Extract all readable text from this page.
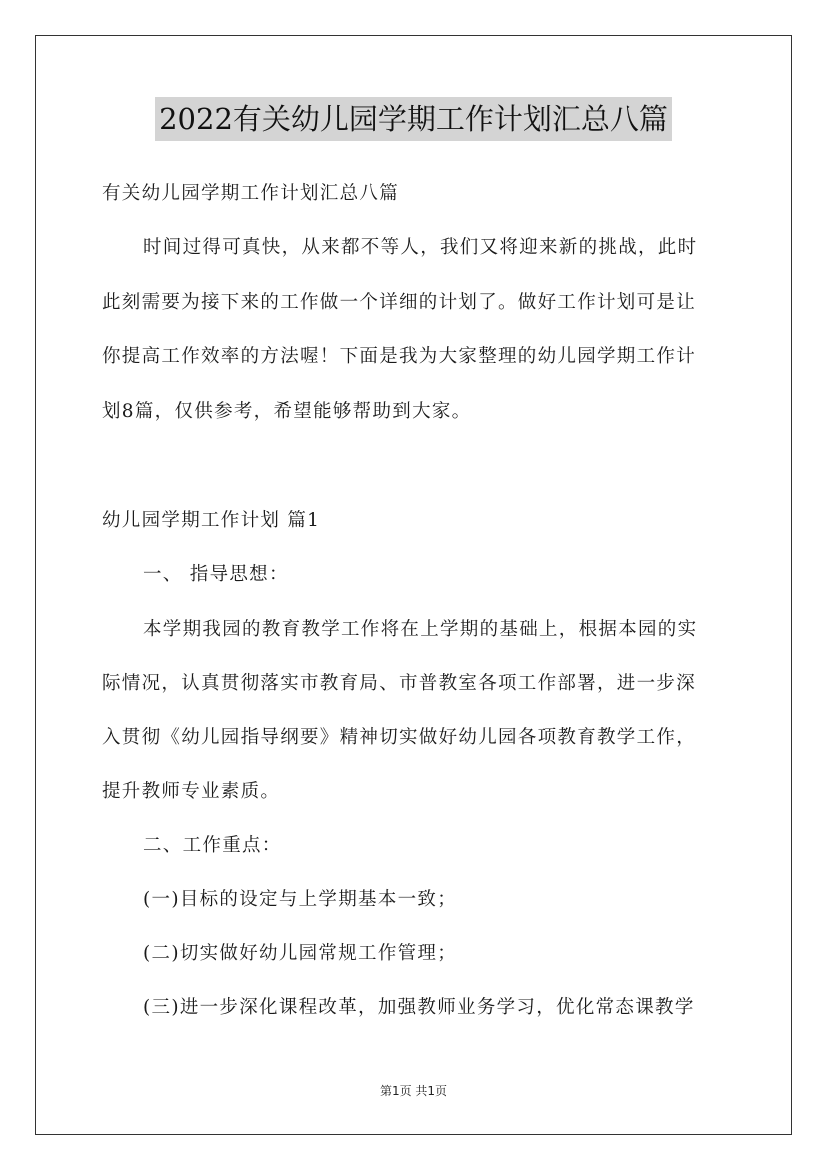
2022有关幼儿园学期工作计划汇总八篇
有关幼儿园学期工作计划汇总八篇
时间过得可真快，从来都不等人，我们又将迎来新的挑战，此时
此刻需要为接下来的工作做一个详细的计划了。做好工作计划可是让
你提高工作效率的方法喔！下面是我为大家整理的幼儿园学期工作计
划8篇，仅供参考，希望能够帮助到大家。
幼儿园学期工作计划 篇1
一、 指导思想：
本学期我园的教育教学工作将在上学期的基础上，根据本园的实
际情况，认真贯彻落实市教育局、市普教室各项工作部署，进一步深
入贯彻《幼儿园指导纲要》精神切实做好幼儿园各项教育教学工作，
提升教师专业素质。
二、工作重点：
(一)目标的设定与上学期基本一致；
(二)切实做好幼儿园常规工作管理；
(三)进一步深化课程改革，加强教师业务学习，优化常态课教学
第1页 共1页
